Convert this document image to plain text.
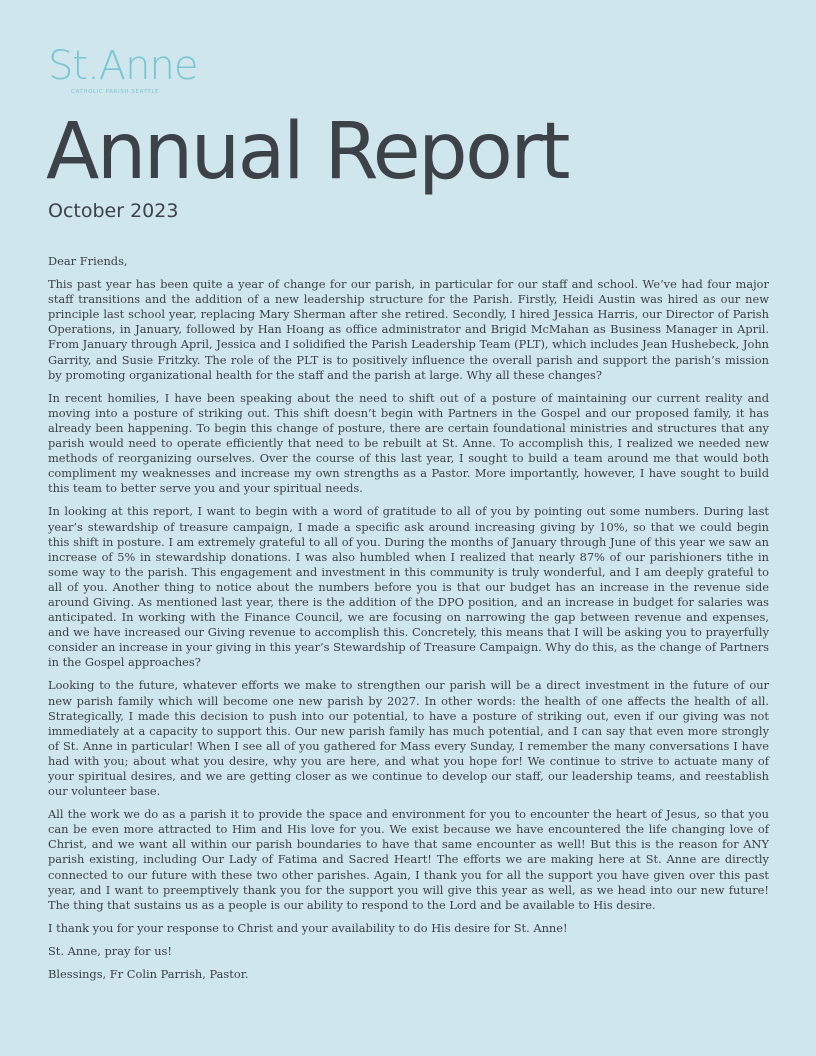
St.Anne
CATHOLIC PARISH SEATTLE
Annual Report
October 2023

Dear Friends,

This past year has been quite a year of change for our parish, in particular for our staff and school. We’ve had four major staff transitions and the addition of a new leadership structure for the Parish. Firstly, Heidi Austin was hired as our new principle last school year, replacing Mary Sherman after she retired. Secondly, I hired Jessica Harris, our Director of Parish Operations, in January, followed by Han Hoang as office administrator and Brigid McMahan as Business Manager in April. From January through April, Jessica and I solidified the Parish Leadership Team (PLT), which includes Jean Hushebeck, John Garrity, and Susie Fritzky. The role of the PLT is to positively influence the overall parish and support the parish’s mission by promoting organizational health for the staff and the parish at large. Why all these changes?

In recent homilies, I have been speaking about the need to shift out of a posture of maintaining our current reality and moving into a posture of striking out. This shift doesn’t begin with Partners in the Gospel and our proposed family, it has already been happening. To begin this change of posture, there are certain foundational ministries and structures that any parish would need to operate efficiently that need to be rebuilt at St. Anne. To accomplish this, I realized we needed new methods of reorganizing ourselves. Over the course of this last year, I sought to build a team around me that would both compliment my weaknesses and increase my own strengths as a Pastor. More importantly, however, I have sought to build this team to better serve you and your spiritual needs.

In looking at this report, I want to begin with a word of gratitude to all of you by pointing out some numbers. During last year’s stewardship of treasure campaign, I made a specific ask around increasing giving by 10%, so that we could begin this shift in posture. I am extremely grateful to all of you. During the months of January through June of this year we saw an increase of 5% in stewardship donations. I was also humbled when I realized that nearly 87% of our parishioners tithe in some way to the parish. This engagement and investment in this community is truly wonderful, and I am deeply grateful to all of you. Another thing to notice about the numbers before you is that our budget has an increase in the revenue side around Giving. As mentioned last year, there is the addition of the DPO position, and an increase in budget for salaries was anticipated. In working with the Finance Council, we are focusing on narrowing the gap between revenue and expenses, and we have increased our Giving revenue to accomplish this. Concretely, this means that I will be asking you to prayerfully consider an increase in your giving in this year’s Stewardship of Treasure Campaign. Why do this, as the change of Partners in the Gospel approaches?

Looking to the future, whatever efforts we make to strengthen our parish will be a direct investment in the future of our new parish family which will become one new parish by 2027. In other words: the health of one affects the health of all. Strategically, I made this decision to push into our potential, to have a posture of striking out, even if our giving was not immediately at a capacity to support this. Our new parish family has much potential, and I can say that even more strongly of St. Anne in particular! When I see all of you gathered for Mass every Sunday, I remember the many conversations I have had with you; about what you desire, why you are here, and what you hope for! We continue to strive to actuate many of your spiritual desires, and we are getting closer as we continue to develop our staff, our leadership teams, and reestablish our volunteer base.

All the work we do as a parish it to provide the space and environment for you to encounter the heart of Jesus, so that you can be even more attracted to Him and His love for you. We exist because we have encountered the life changing love of Christ, and we want all within our parish boundaries to have that same encounter as well! But this is the reason for ANY parish existing, including Our Lady of Fatima and Sacred Heart! The efforts we are making here at St. Anne are directly connected to our future with these two other parishes. Again, I thank you for all the support you have given over this past year, and I want to preemptively thank you for the support you will give this year as well, as we head into our new future! The thing that sustains us as a people is our ability to respond to the Lord and be available to His desire.

I thank you for your response to Christ and your availability to do His desire for St. Anne!

St. Anne, pray for us!

Blessings, Fr Colin Parrish, Pastor.
